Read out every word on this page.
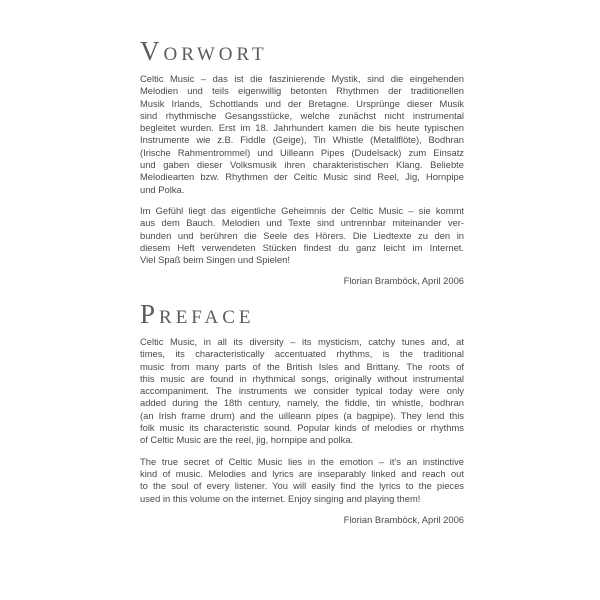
Vorwort
Celtic Music – das ist die faszinierende Mystik, sind die eingehenden
Melodien und teils eigenwillig betonten Rhythmen der traditionellen
Musik Irlands, Schottlands und der Bretagne. Ursprünge dieser Musik
sind rhythmische Gesangsstücke, welche zunächst nicht instrumental
begleitet wurden. Erst im 18. Jahrhundert kamen die bis heute typischen
Instrumente wie z.B. Fiddle (Geige), Tin Whistle (Metallflöte), Bodhran
(Irische Rahmentrommel) und Uilleann Pipes (Dudelsack) zum Einsatz
und gaben dieser Volksmusik ihren charakteristischen Klang. Beliebte
Melodiearten bzw. Rhythmen der Celtic Music sind Reel, Jig, Hornpipe
und Polka.
Im Gefühl liegt das eigentliche Geheimnis der Celtic Music – sie kommt
aus dem Bauch. Melodien und Texte sind untrennbar miteinander ver-
bunden und berühren die Seele des Hörers. Die Liedtexte zu den in
diesem Heft verwendeten Stücken findest du ganz leicht im Internet.
Viel Spaß beim Singen und Spielen!
Florian Bramböck, April 2006
Preface
Celtic Music, in all its diversity – its mysticism, catchy tunes and, at
times, its characteristically accentuated rhythms, is the traditional
music from many parts of the British Isles and Brittany. The roots of
this music are found in rhythmical songs, originally without instrumental
accompaniment. The instruments we consider typical today were only
added during the 18th century, namely, the fiddle, tin whistle, bodhran
(an Irish frame drum) and the uilleann pipes (a bagpipe). They lend this
folk music its characteristic sound. Popular kinds of melodies or rhythms
of Celtic Music are the reel, jig, hornpipe and polka.
The true secret of Celtic Music lies in the emotion – it's an instinctive
kind of music. Melodies and lyrics are inseparably linked and reach out
to the soul of every listener. You will easily find the lyrics to the pieces
used in this volume on the internet. Enjoy singing and playing them!
Florian Bramböck, April 2006
